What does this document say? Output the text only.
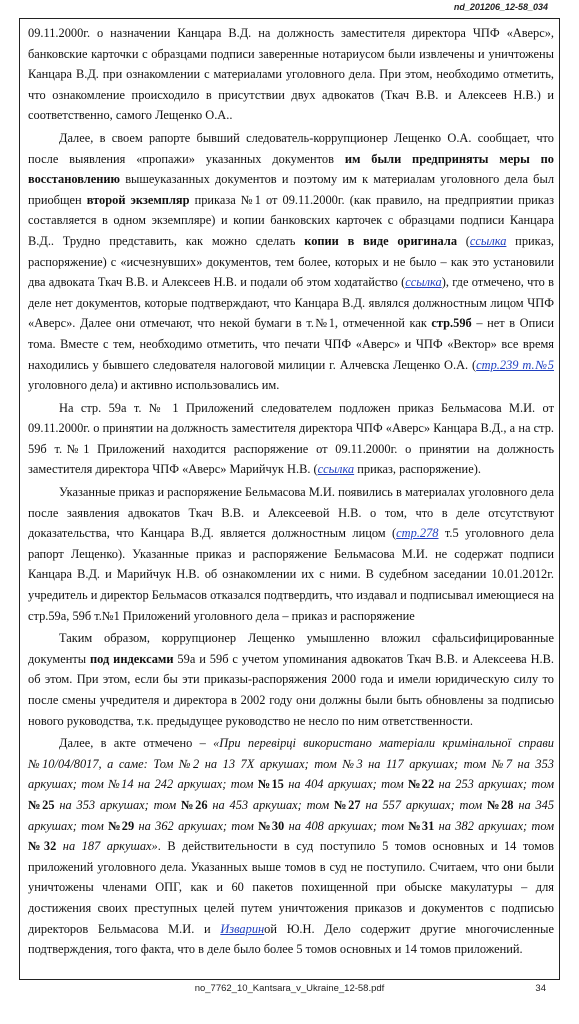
nd_201206_12-58_034

09.11.2000г. о назначении Канцара В.Д. на должность заместителя директора ЧПФ «Аверс», банковские карточки с образцами подписи заверенные нотариусом были извлечены и уничтожены Канцара В.Д. при ознакомлении с материалами уголовного дела. При этом, необходимо отметить, что ознакомление происходило в присутствии двух адвокатов (Ткач В.В. и Алексеев Н.В.) и соответственно, самого Лещенко О.А..

Далее, в своем рапорте бывший следователь-коррупционер Лещенко О.А. сообщает, что после выявления «пропажи» указанных документов им были предприняты меры по восстановлению вышеуказанных документов и поэтому им к материалам уголовного дела был приобщен второй экземпляр приказа №1 от 09.11.2000г. (как правило, на предприятии приказ составляется в одном экземпляре) и копии банковских карточек с образцами подписи Канцара В.Д.. Трудно представить, как можно сделать копии в виде оригинала (ссылка приказ, распоряжение) с «исчезнувших» документов, тем более, которых и не было – как это установили два адвоката Ткач В.В. и Алексеев Н.В. и подали об этом ходатайство (ссылка), где отмечено, что в деле нет документов, которые подтверждают, что Канцара В.Д. являлся должностным лицом ЧПФ «Аверс». Далее они отмечают, что некой бумаги в т.№1, отмеченной как стр.59б – нет в Описи тома. Вместе с тем, необходимо отметить, что печати ЧПФ «Аверс» и ЧПФ «Вектор» все время находились у бывшего следователя налоговой милиции г. Алчевска Лещенко О.А. (стр.239 т.№5 уголовного дела) и активно использовались им.

На стр. 59а т. № 1 Приложений следователем подложен приказ Бельмасова М.И. от 09.11.2000г. о принятии на должность заместителя директора ЧПФ «Аверс» Канцара В.Д., а на стр. 59б т.№1 Приложений находится распоряжение от 09.11.2000г. о принятии на должность заместителя директора ЧПФ «Аверс» Марийчук Н.В. (ссылка приказ, распоряжение).

Указанные приказ и распоряжение Бельмасова М.И. появились в материалах уголовного дела после заявления адвокатов Ткач В.В. и Алексеевой Н.В. о том, что в деле отсутствуют доказательства, что Канцара В.Д. является должностным лицом (стр.278 т.5 уголовного дела рапорт Лещенко). Указанные приказ и распоряжение Бельмасова М.И. не содержат подписи Канцара В.Д. и Марийчук Н.В. об ознакомлении их с ними. В судебном заседании 10.01.2012г. учредитель и директор Бельмасов отказался подтвердить, что издавал и подписывал имеющиеся на стр.59а, 59б т.№1 Приложений уголовного дела – приказ и распоряжение

Таким образом, коррупционер Лещенко умышленно вложил сфальсифицированные документы под индексами 59а и 59б с учетом упоминания адвокатов Ткач В.В. и Алексеева Н.В. об этом. При этом, если бы эти приказы-распоряжения 2000 года и имели юридическую силу то после смены учредителя и директора в 2002 году они должны были быть обновлены за подписью нового руководства, т.к. предыдущее руководство не несло по ним ответственности.

Далее, в акте отмечено – «При перевірці використано матеріали кримінальної справи №10/04/8017, а саме: Том №2 на 13 7Х аркушах; том №3 на 117 аркушах; том №7 на 353 аркушах; том №14 на 242 аркушах; том №15 на 404 аркушах; том №22 на 253 аркушах; том №25 на 353 аркушах; том №26 на 453 аркушах; том №27 на 557 аркушах; том №28 на 345 аркушах; том №29 на 362 аркушах; том №30 на 408 аркушах; том №31 на 382 аркушах; том №32 на 187 аркушах». В действительности в суд поступило 5 томов основных и 14 томов приложений уголовного дела. Указанных выше томов в суд не поступило. Считаем, что они были уничтожены членами ОПГ, как и 60 пакетов похищенной при обыске макулатуры – для достижения своих преступных целей путем уничтожения приказов и документов с подписью директоров Бельмасова М.И. и Извариной Ю.Н. Дело содержит другие многочисленные подтверждения, того факта, что в деле было более 5 томов основных и 14 томов приложений.

no_7762_10_Kantsara_v_Ukraine_12-58.pdf	34
